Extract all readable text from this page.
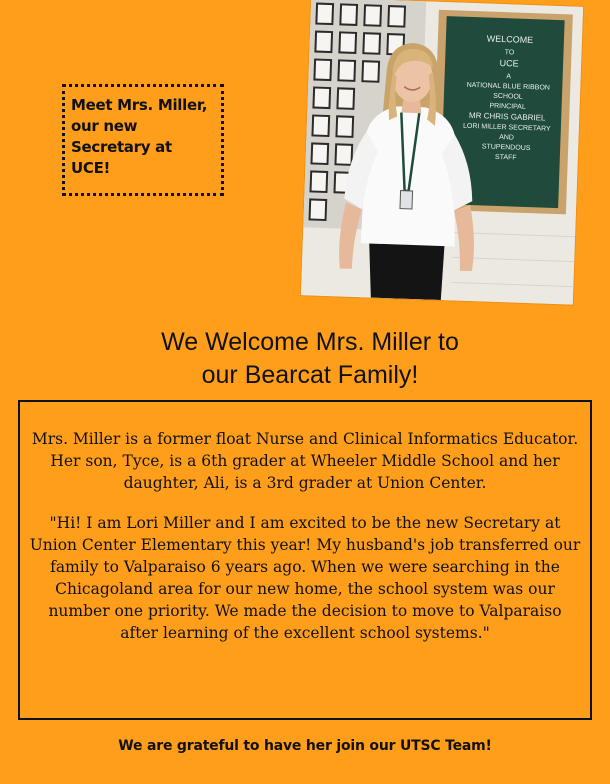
Meet Mrs. Miller, our new Secretary at UCE!
WELCOME
TO
UCE
A
NATIONAL BLUE RIBBON
SCHOOL
PRINCIPAL
MR CHRIS GABRIEL
LORI MILLER SECRETARY
AND
STUPENDOUS
STAFF
We Welcome Mrs. Miller to
our Bearcat Family!

Mrs. Miller is a former float Nurse and Clinical Informatics Educator. Her son, Tyce, is a 6th grader at Wheeler Middle School and her daughter, Ali, is a 3rd grader at Union Center.

"Hi! I am Lori Miller and I am excited to be the new Secretary at Union Center Elementary this year! My husband's job transferred our family to Valparaiso 6 years ago. When we were searching in the Chicagoland area for our new home, the school system was our number one priority. We made the decision to move to Valparaiso after learning of the excellent school systems."

We are grateful to have her join our UTSC Team!
